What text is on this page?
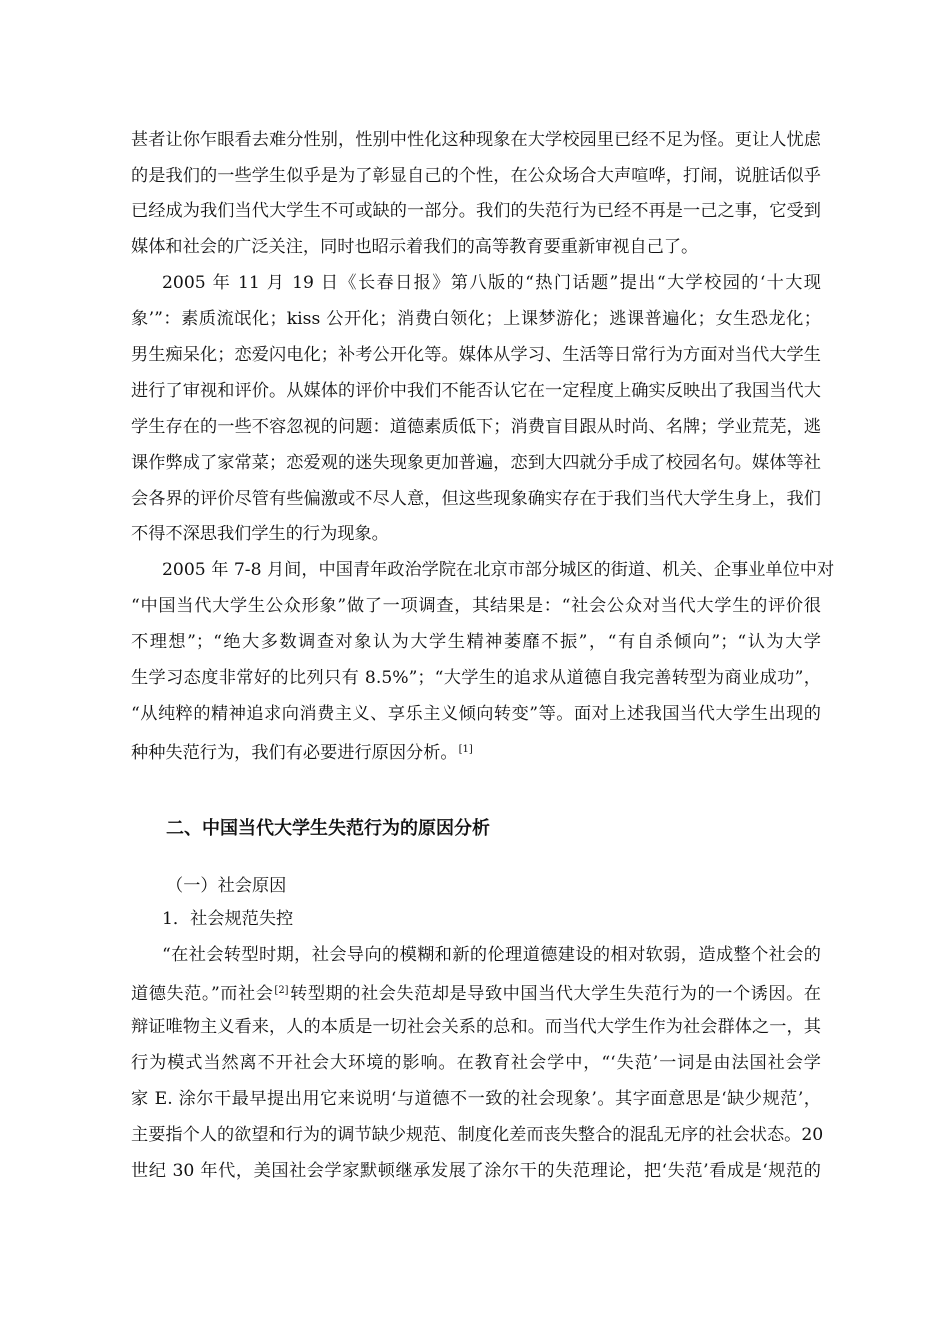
甚者让你乍眼看去难分性别，性别中性化这种现象在大学校园里已经不足为怪。更让人忧虑
的是我们的一些学生似乎是为了彰显自己的个性，在公众场合大声喧哗，打闹，说脏话似乎
已经成为我们当代大学生不可或缺的一部分。我们的失范行为已经不再是一己之事，它受到
媒体和社会的广泛关注，同时也昭示着我们的高等教育要重新审视自己了。
2005 年 11 月 19 日《长春日报》第八版的“热门话题”提出“大学校园的‘十大现
象’”：素质流氓化；kiss 公开化；消费白领化；上课梦游化；逃课普遍化；女生恐龙化；
男生痴呆化；恋爱闪电化；补考公开化等。媒体从学习、生活等日常行为方面对当代大学生
进行了审视和评价。从媒体的评价中我们不能否认它在一定程度上确实反映出了我国当代大
学生存在的一些不容忽视的问题：道德素质低下；消费盲目跟从时尚、名牌；学业荒芜，逃
课作弊成了家常菜；恋爱观的迷失现象更加普遍，恋到大四就分手成了校园名句。媒体等社
会各界的评价尽管有些偏激或不尽人意，但这些现象确实存在于我们当代大学生身上，我们
不得不深思我们学生的行为现象。
2005 年 7-8 月间，中国青年政治学院在北京市部分城区的街道、机关、企事业单位中对
“中国当代大学生公众形象”做了一项调查，其结果是：“社会公众对当代大学生的评价很
不理想”；“绝大多数调查对象认为大学生精神萎靡不振”，“有自杀倾向”；“认为大学
生学习态度非常好的比列只有 8.5%”；“大学生的追求从道德自我完善转型为商业成功”，
“从纯粹的精神追求向消费主义、享乐主义倾向转变”等。面对上述我国当代大学生出现的
种种失范行为，我们有必要进行原因分析。[1]
二、中国当代大学生失范行为的原因分析
（一）社会原因
1．社会规范失控
“在社会转型时期，社会导向的模糊和新的伦理道德建设的相对软弱，造成整个社会的
道德失范。”而社会[2]转型期的社会失范却是导致中国当代大学生失范行为的一个诱因。在
辩证唯物主义看来，人的本质是一切社会关系的总和。而当代大学生作为社会群体之一，其
行为模式当然离不开社会大环境的影响。在教育社会学中，“‘失范’一词是由法国社会学
家 E. 涂尔干最早提出用它来说明‘与道德不一致的社会现象’。其字面意思是‘缺少规范’，
主要指个人的欲望和行为的调节缺少规范、制度化差而丧失整合的混乱无序的社会状态。20
世纪 30 年代，美国社会学家默顿继承发展了涂尔干的失范理论，把‘失范’看成是‘规范的
